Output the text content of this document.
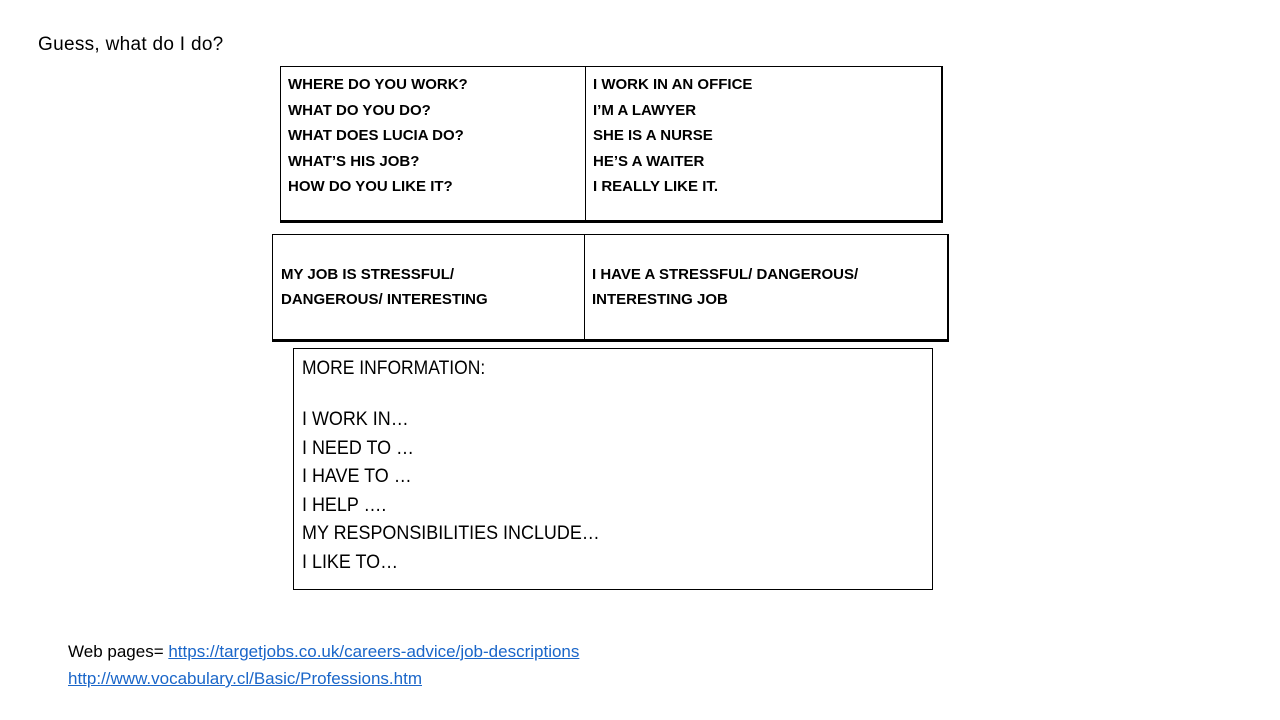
Guess, what do I do?
WHERE DO YOU WORK?
WHAT DO YOU DO?
WHAT DOES LUCIA DO?
WHAT’S HIS JOB?
HOW DO YOU LIKE IT?
I WORK IN AN OFFICE
I’M A LAWYER
SHE IS A NURSE
HE’S A WAITER
I REALLY LIKE IT.
MY JOB IS STRESSFUL/
DANGEROUS/ INTERESTING
I HAVE A STRESSFUL/ DANGEROUS/
INTERESTING JOB
MORE INFORMATION:
I WORK IN…
I NEED TO …
I HAVE TO …
I HELP ….
MY RESPONSIBILITIES INCLUDE…
I LIKE TO…
Web pages= https://targetjobs.co.uk/careers-advice/job-descriptions
http://www.vocabulary.cl/Basic/Professions.htm
